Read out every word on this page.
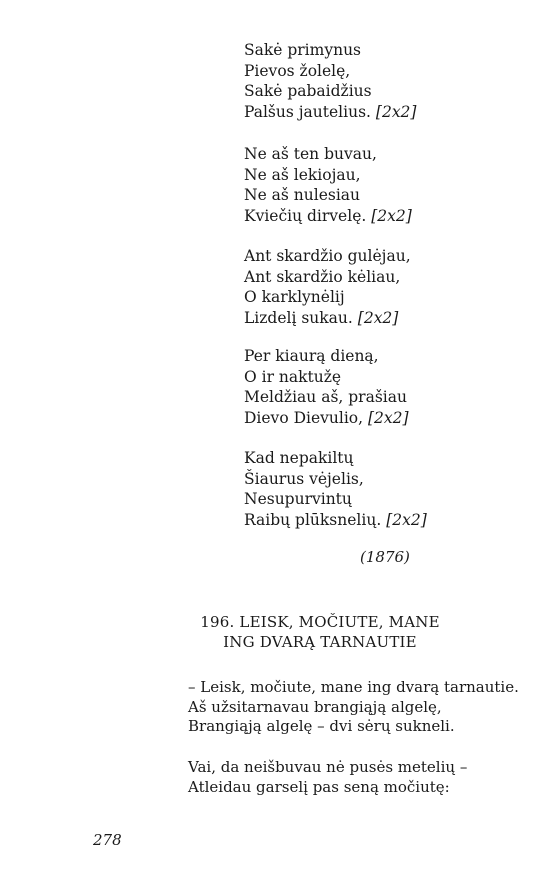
Sakė primynus
Pievos žolelę,
Sakė pabaidžius
Palšus jautelius. [2x2]
Ne aš ten buvau,
Ne aš lekiojau,
Ne aš nulesiau
Kviečių dirvelę. [2x2]
Ant skardžio gulėjau,
Ant skardžio kėliau,
O karklynėlij
Lizdelį sukau. [2x2]
Per kiaurą dieną,
O ir naktužę
Meldžiau aš, prašiau
Dievo Dievulio, [2x2]
Kad nepakiltų
Šiaurus vėjelis,
Nesupurvintų
Raibų plūksnelių. [2x2]
(1876)
196. LEISK, MOČIUTE, MANE
ING DVARĄ TARNAUTIE
– Leisk, močiute, mane ing dvarą tarnautie.
Aš užsitarnavau brangiąją algelę,
Brangiąją algelę – dvi sėrų sukneli.
Vai, da neišbuvau nė pusės metelių –
Atleidau garselį pas seną močiutę:
278
